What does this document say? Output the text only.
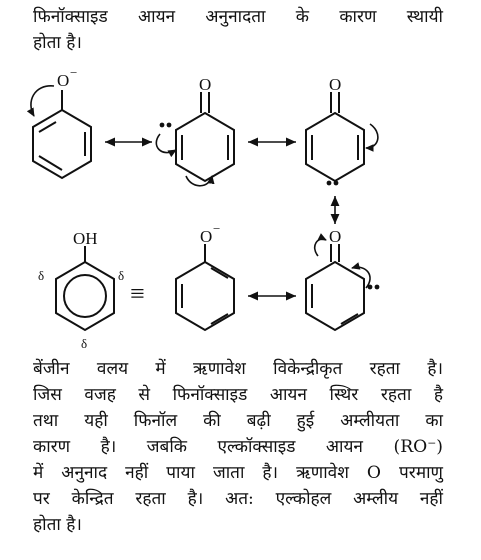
फिनॉक्साइड आयन अनुनादता के कारण स्थायी
होता है।
O −
O	O
O
O −
OH
δ	δ
δ
≡
बेंजीन वलय में ऋणावेश विकेन्द्रीकृत रहता है।
जिस वजह से फिनॉक्साइड आयन स्थिर रहता है
तथा यही फिनॉल की बढ़ी हुई अम्लीयता का
कारण है। जबकि एल्कॉक्साइड आयन (RO⁻)
में अनुनाद नहीं पाया जाता है। ऋणावेश O परमाणु
पर केन्द्रित रहता है। अत: एल्कोहल अम्लीय नहीं
होता है।
